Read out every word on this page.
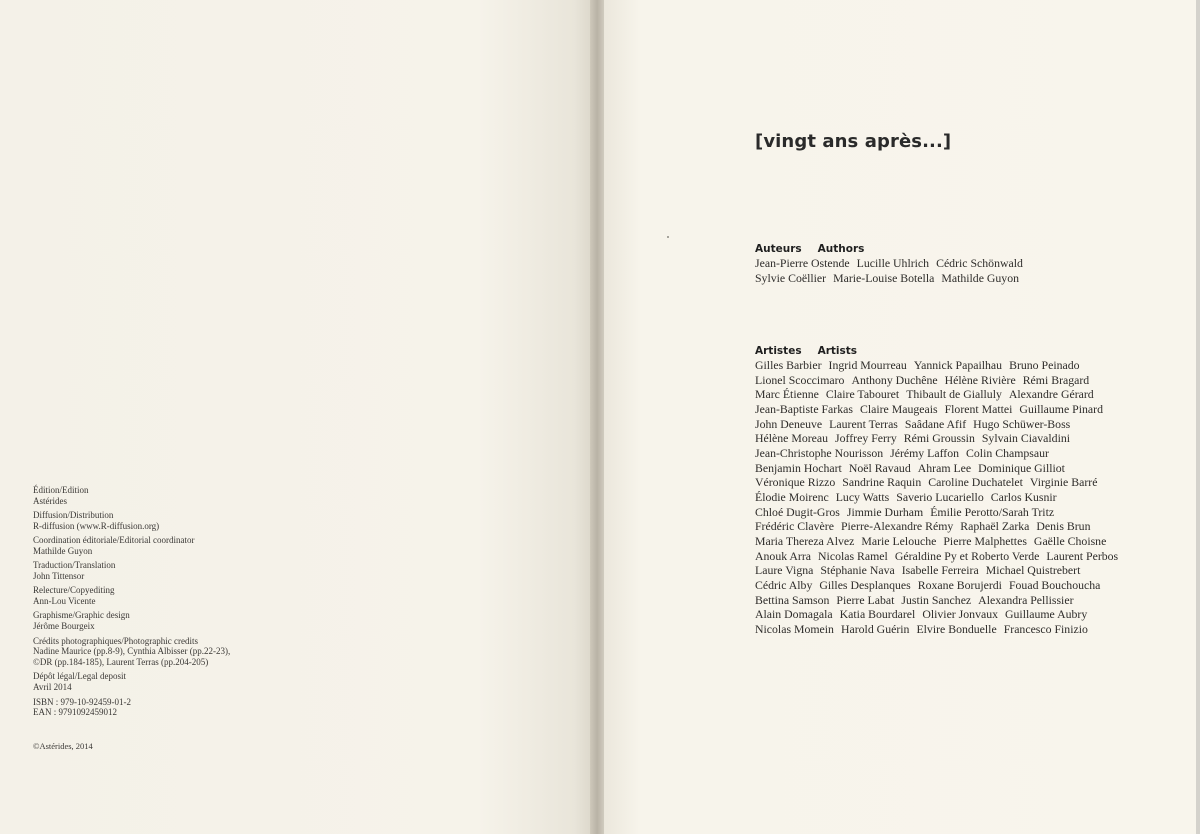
Édition/Edition
Astérides
Diffusion/Distribution
R-diffusion (www.R-diffusion.org)
Coordination éditoriale/Editorial coordinator
Mathilde Guyon
Traduction/Translation
John Tittensor
Relecture/Copyediting
Ann-Lou Vicente
Graphisme/Graphic design
Jérôme Bourgeix
Crédits photographiques/Photographic credits
Nadine Maurice (pp.8-9), Cynthia Albisser (pp.22-23),
©DR (pp.184-185), Laurent Terras (pp.204-205)
Dépôt légal/Legal deposit
Avril 2014
ISBN : 979-10-92459-01-2
EAN : 9791092459012
©Astérides, 2014
[vingt ans après...]
Auteurs Authors
Jean-Pierre Ostende Lucille Uhlrich Cédric Schönwald
Sylvie Coëllier Marie-Louise Botella Mathilde Guyon
Artistes Artists
Gilles Barbier Ingrid Mourreau Yannick Papailhau Bruno Peinado
Lionel Scoccimaro Anthony Duchêne Hélène Rivière Rémi Bragard
Marc Étienne Claire Tabouret Thibault de Gialluly Alexandre Gérard
Jean-Baptiste Farkas Claire Maugeais Florent Mattei Guillaume Pinard
John Deneuve Laurent Terras Saâdane Afif Hugo Schüwer-Boss
Hélène Moreau Joffrey Ferry Rémi Groussin Sylvain Ciavaldini
Jean-Christophe Nourisson Jérémy Laffon Colin Champsaur
Benjamin Hochart Noël Ravaud Ahram Lee Dominique Gilliot
Véronique Rizzo Sandrine Raquin Caroline Duchatelet Virginie Barré
Élodie Moirenc Lucy Watts Saverio Lucariello Carlos Kusnir
Chloé Dugit-Gros Jimmie Durham Émilie Perotto/Sarah Tritz
Frédéric Clavère Pierre-Alexandre Rémy Raphaël Zarka Denis Brun
Maria Thereza Alvez Marie Lelouche Pierre Malphettes Gaëlle Choisne
Anouk Arra Nicolas Ramel Géraldine Py et Roberto Verde Laurent Perbos
Laure Vigna Stéphanie Nava Isabelle Ferreira Michael Quistrebert
Cédric Alby Gilles Desplanques Roxane Borujerdi Fouad Bouchoucha
Bettina Samson Pierre Labat Justin Sanchez Alexandra Pellissier
Alain Domagala Katia Bourdarel Olivier Jonvaux Guillaume Aubry
Nicolas Momein Harold Guérin Elvire Bonduelle Francesco Finizio
